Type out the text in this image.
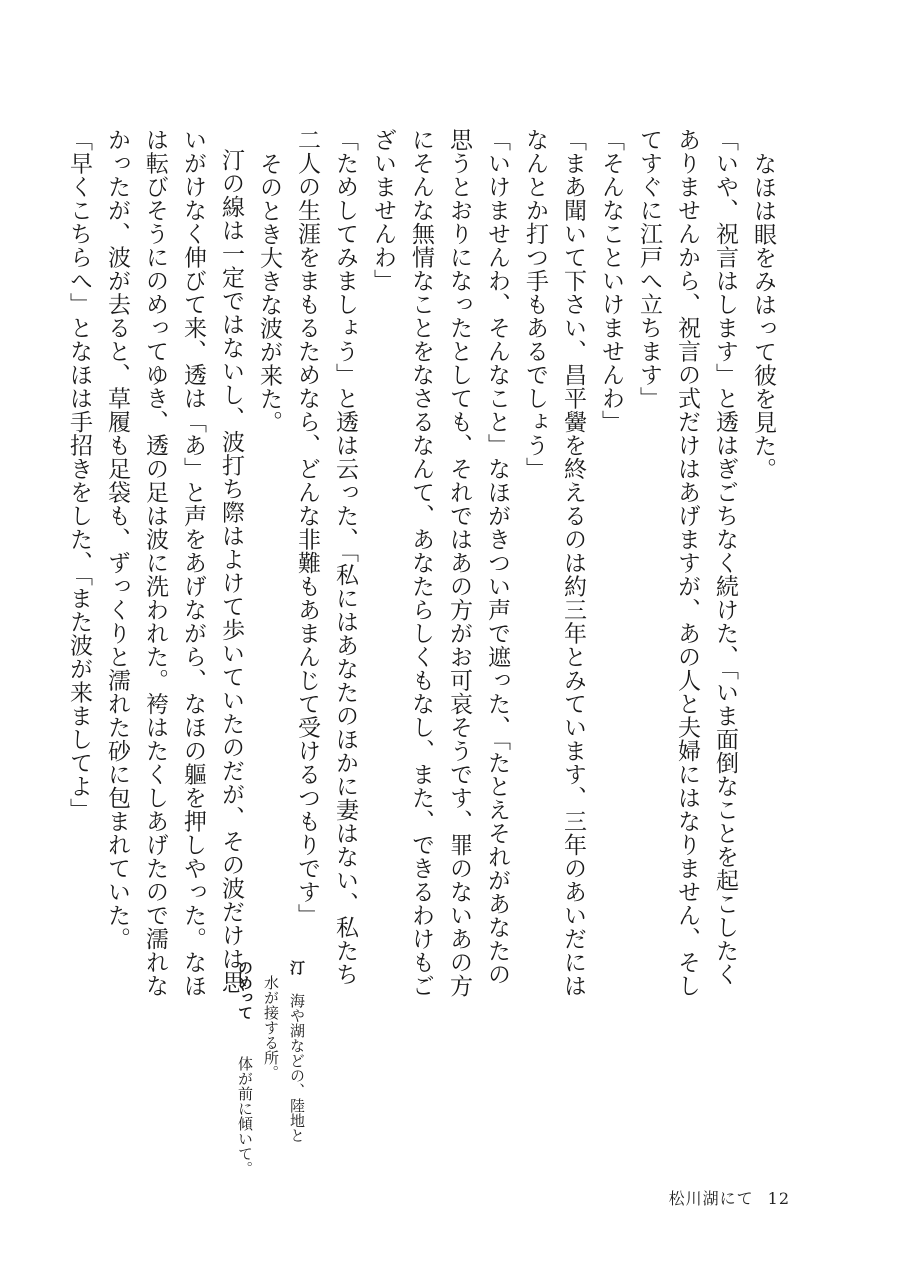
なほは眼をみはって彼を見た。
「いや、祝言はします」と透はぎごちなく続けた、「いま面倒なことを起こしたく
ありませんから、祝言の式だけはあげますが、あの人と夫婦にはなりません、そし
てすぐに江戸へ立ちます」
「そんなこといけませんわ」
「まあ聞いて下さい、昌平黌を終えるのは約三年とみています、三年のあいだには
なんとか打つ手もあるでしょう」
「いけませんわ、そんなこと」なほがきつい声で遮った、「たとえそれがあなたの
思うとおりになったとしても、それではあの方がお可哀そうです、罪のないあの方
にそんな無情なことをなさるなんて、あなたらしくもなし、また、できるわけもご
ざいませんわ」
「ためしてみましょう」と透は云った、「私にはあなたのほかに妻はない、私たち
二人の生涯をまもるためなら、どんな非難もあまんじて受けるつもりです」
そのとき大きな波が来た。
汀の線は一定ではないし、波打ち際はよけて歩いていたのだが、その波だけは思
いがけなく伸びて来、透は「あ」と声をあげながら、なほの軀を押しやった。なほ
は転びそうにのめってゆき、透の足は波に洗われた。袴はたくしあげたので濡れな
かったが、波が去ると、草履も足袋も、ずっくりと濡れた砂に包まれていた。
「早くこちらへ」となほは手招きをした、「また波が来ましてよ」
汀海や湖などの、陸地と
水が接する所。
のめって体が前に傾いて。
松川湖にて 12
